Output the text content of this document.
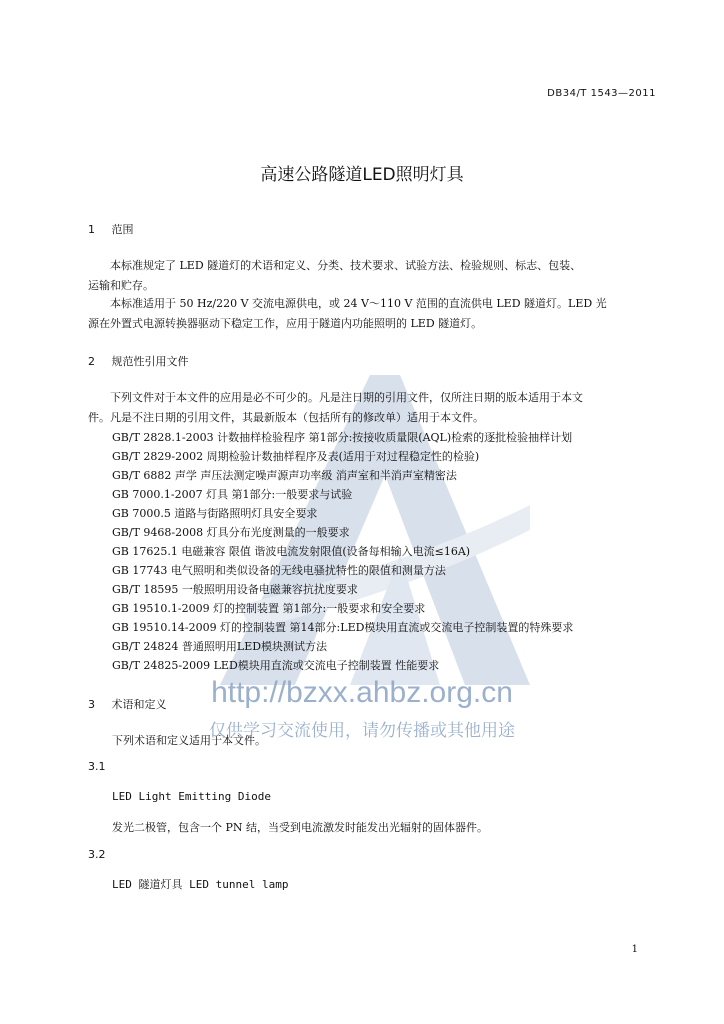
DB34/T 1543—2011
高速公路隧道LED照明灯具
1 范围
本标准规定了 LED 隧道灯的术语和定义、分类、技术要求、试验方法、检验规则、标志、包装、
运输和贮存。
本标准适用于 50 Hz/220 V 交流电源供电，或 24 V～110 V 范围的直流供电 LED 隧道灯。LED 光
源在外置式电源转换器驱动下稳定工作，应用于隧道内功能照明的 LED 隧道灯。
2 规范性引用文件
下列文件对于本文件的应用是必不可少的。凡是注日期的引用文件，仅所注日期的版本适用于本文
件。凡是不注日期的引用文件，其最新版本（包括所有的修改单）适用于本文件。
GB/T 2828.1-2003 计数抽样检验程序 第1部分:按接收质量限(AQL)检索的逐批检验抽样计划
GB/T 2829-2002 周期检验计数抽样程序及表(适用于对过程稳定性的检验)
GB/T 6882 声学 声压法测定噪声源声功率级 消声室和半消声室精密法
GB 7000.1-2007 灯具 第1部分:一般要求与试验
GB 7000.5 道路与街路照明灯具安全要求
GB/T 9468-2008 灯具分布光度测量的一般要求
GB 17625.1 电磁兼容 限值 谐波电流发射限值(设备每相输入电流≤16A)
GB 17743 电气照明和类似设备的无线电骚扰特性的限值和测量方法
GB/T 18595 一般照明用设备电磁兼容抗扰度要求
GB 19510.1-2009 灯的控制装置 第1部分:一般要求和安全要求
GB 19510.14-2009 灯的控制装置 第14部分:LED模块用直流或交流电子控制装置的特殊要求
GB/T 24824 普通照明用LED模块测试方法
GB/T 24825-2009 LED模块用直流或交流电子控制装置 性能要求
3 术语和定义
下列术语和定义适用于本文件。
3.1
LED Light Emitting Diode
发光二极管，包含一个 PN 结，当受到电流激发时能发出光辐射的固体器件。
3.2
LED 隧道灯具 LED tunnel lamp
http://bzxx.ahbz.org.cn
仅供学习交流使用，请勿传播或其他用途
1
